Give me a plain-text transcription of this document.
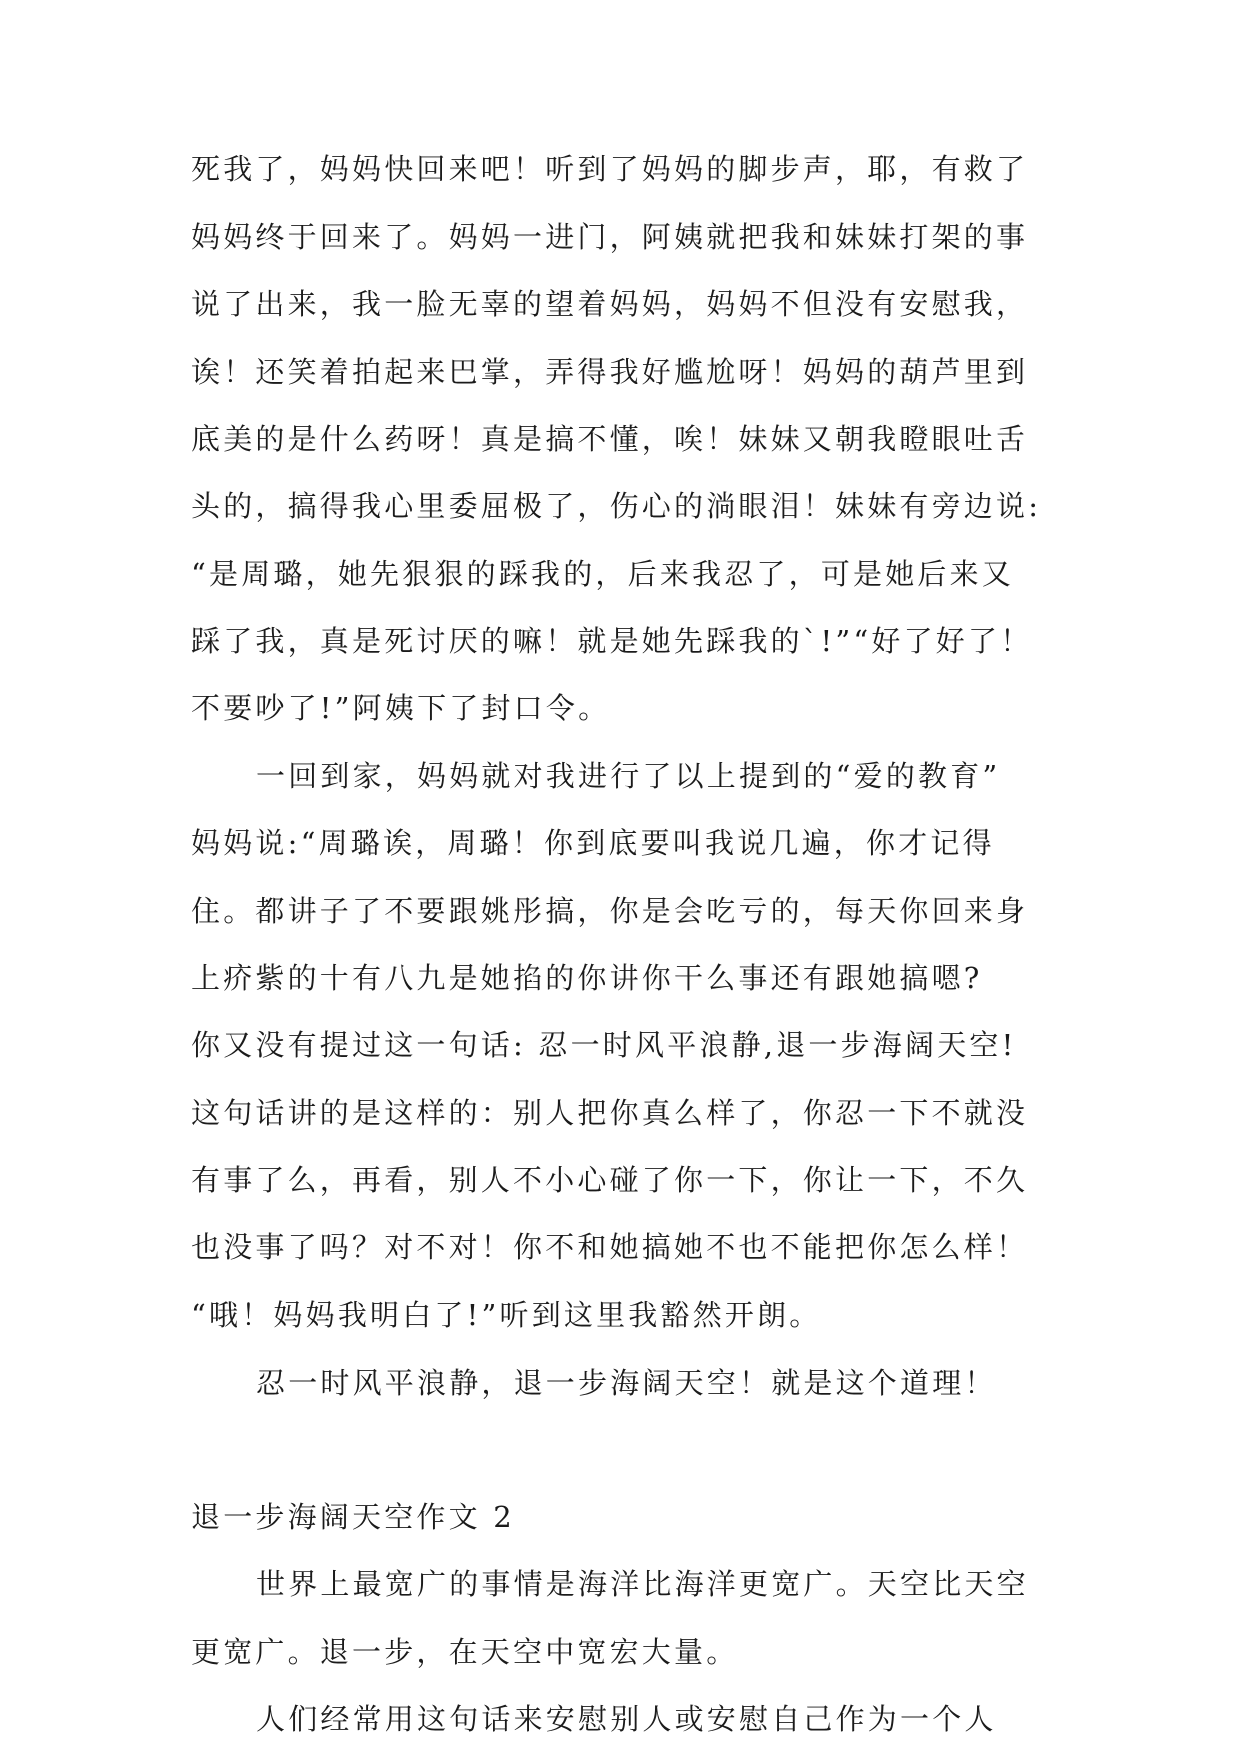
死我了，妈妈快回来吧！听到了妈妈的脚步声，耶，有救了
妈妈终于回来了。妈妈一进门，阿姨就把我和妹妹打架的事
说了出来，我一脸无辜的望着妈妈，妈妈不但没有安慰我，
诶！还笑着拍起来巴掌，弄得我好尴尬呀！妈妈的葫芦里到
底美的是什么药呀！真是搞不懂，唉！妹妹又朝我瞪眼吐舌
头的，搞得我心里委屈极了，伤心的淌眼泪！妹妹有旁边说:
“是周璐，她先狠狠的踩我的，后来我忍了，可是她后来又
踩了我，真是死讨厌的嘛！就是她先踩我的`!”“好了好了！
不要吵了!”阿姨下了封口令。
一回到家，妈妈就对我进行了以上提到的“爱的教育”
妈妈说:“周璐诶，周璐！你到底要叫我说几遍，你才记得
住。都讲子了不要跟姚彤搞，你是会吃亏的，每天你回来身
上疥紫的十有八九是她掐的你讲你干么事还有跟她搞嗯?
你又没有提过这一句话: 忍一时风平浪静,退一步海阔天空!
这句话讲的是这样的：别人把你真么样了，你忍一下不就没
有事了么，再看，别人不小心碰了你一下，你让一下，不久
也没事了吗？对不对！你不和她搞她不也不能把你怎么样！
“哦！妈妈我明白了!”听到这里我豁然开朗。
忍一时风平浪静，退一步海阔天空！就是这个道理！
退一步海阔天空作文 2
世界上最宽广的事情是海洋比海洋更宽广。天空比天空
更宽广。退一步，在天空中宽宏大量。
人们经常用这句话来安慰别人或安慰自己作为一个人
